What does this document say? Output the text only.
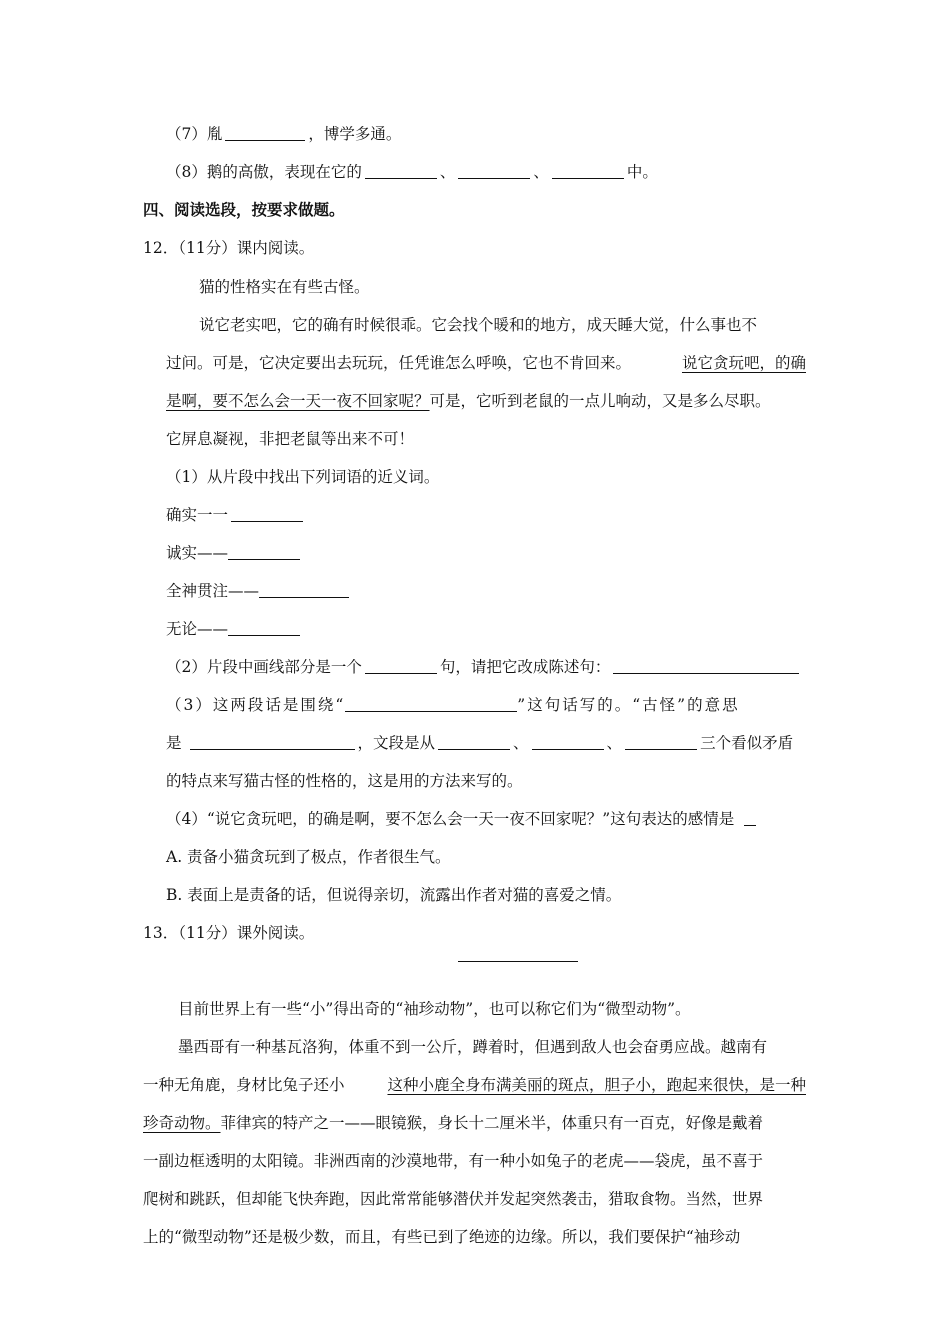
（7）胤	，博学多通。
（8）鹅的高傲，表现在它的	、	、	中。
四、阅读选段，按要求做题。
12．（11分）课内阅读。
猫的性格实在有些古怪。
说它老实吧，它的确有时候很乖。它会找个暖和的地方，成天睡大觉，什么事也不
过问。可是，它决定要出去玩玩，任凭谁怎么呼唤，它也不肯回来。	说它贪玩吧，的确
是啊，要不怎么会一天一夜不回家呢？可是，它听到老鼠的一点儿响动，又是多么尽职。
它屏息凝视，非把老鼠等出来不可！
（1）从片段中找出下列词语的近义词。
确实一一
诚实——
全神贯注——
无论——
（2）片段中画线部分是一个	句，请把它改成陈述句：
（3）这两段话是围绕“	”这句话写的。“古怪”的意思
是	，文段是从	、	、	三个看似矛盾
的特点来写猫古怪的性格的，这是用的方法来写的。
（4）“说它贪玩吧，的确是啊，要不怎么会一天一夜不回家呢？”这句表达的感情是
A. 责备小猫贪玩到了极点，作者很生气。
B. 表面上是责备的话，但说得亲切，流露出作者对猫的喜爱之情。
13．（11分）课外阅读。
目前世界上有一些“小”得出奇的“袖珍动物”，也可以称它们为“微型动物”。
墨西哥有一种基瓦洛狗，体重不到一公斤，蹲着时，但遇到敌人也会奋勇应战。越南有
一种无角鹿，身材比兔子还小	这种小鹿全身布满美丽的斑点，胆子小，跑起来很快，是一种
珍奇动物。菲律宾的特产之一——眼镜猴，身长十二厘米半，体重只有一百克，好像是戴着
一副边框透明的太阳镜。非洲西南的沙漠地带，有一种小如兔子的老虎——袋虎，虽不喜于
爬树和跳跃，但却能飞快奔跑，因此常常能够潜伏并发起突然袭击，猎取食物。当然，世界
上的“微型动物”还是极少数，而且，有些已到了绝迹的边缘。所以，我们要保护“袖珍动
